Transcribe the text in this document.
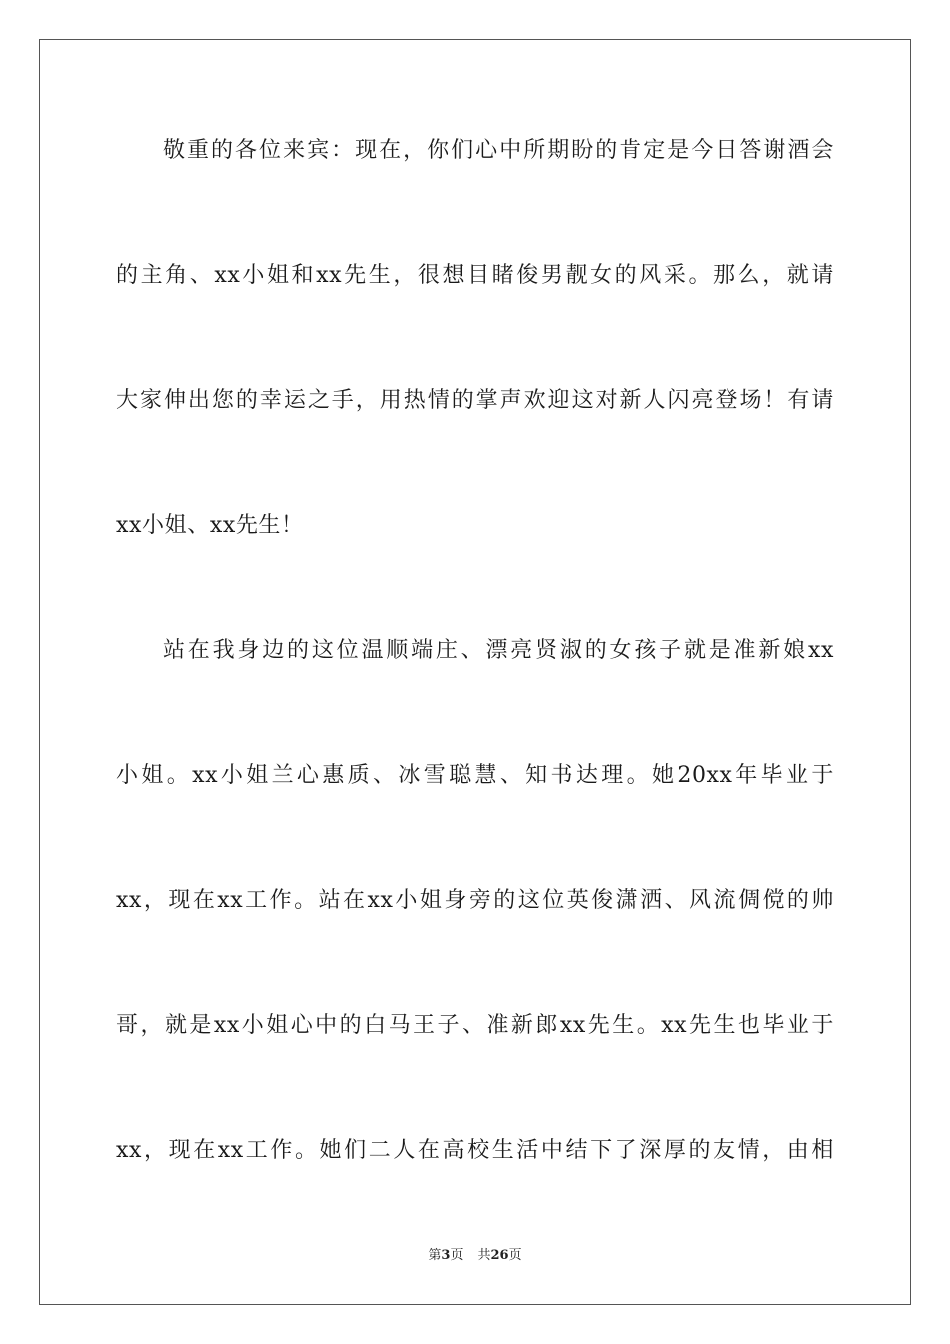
敬重的各位来宾：现在，你们心中所期盼的肯定是今日答谢酒会
的主角、xx小姐和xx先生，很想目睹俊男靓女的风采。那么，就请
大家伸出您的幸运之手，用热情的掌声欢迎这对新人闪亮登场！有请
xx小姐、xx先生！
站在我身边的这位温顺端庄、漂亮贤淑的女孩子就是准新娘xx
小姐。xx小姐兰心惠质、冰雪聪慧、知书达理。她20xx年毕业于
xx，现在xx工作。站在xx小姐身旁的这位英俊潇洒、风流倜傥的帅
哥，就是xx小姐心中的白马王子、准新郎xx先生。xx先生也毕业于
xx，现在xx工作。她们二人在高校生活中结下了深厚的友情，由相
第3页 共26页
